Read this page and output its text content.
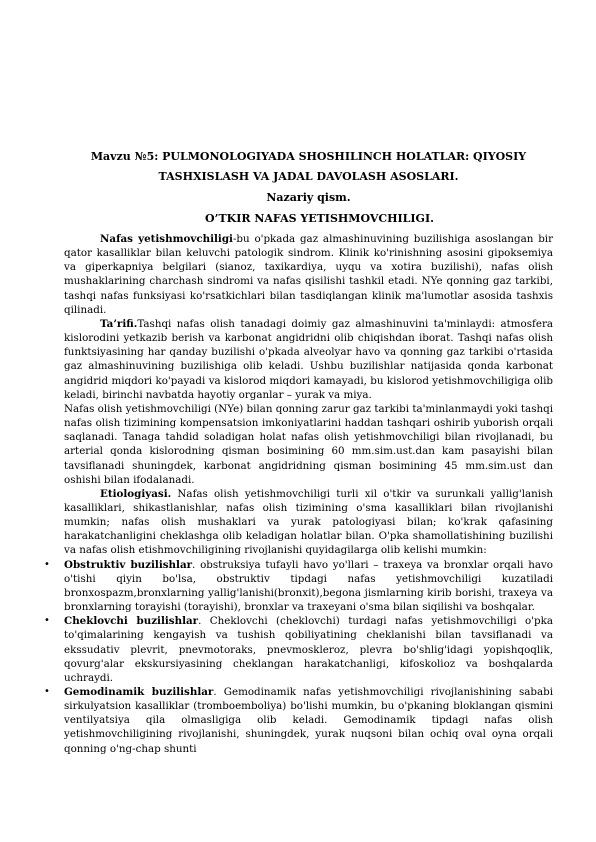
Mavzu №5: PULMONOLOGIYADA SHOSHILINCH HOLATLAR: QIYOSIY
TASHXISLASH VA JADAL DAVOLASH ASOSLARI.
Nazariy qism.
O’TKIR NAFAS YETISHMOVCHILIGI.

Nafas yetishmovchiligi-bu o'pkada gaz almashinuvining buzilishiga asoslangan bir qator kasalliklar bilan keluvchi patologik sindrom. Klinik ko'rinishning asosini gipoksemiya va giperkapniya belgilari (sianoz, taxikardiya, uyqu va xotira buzilishi), nafas olish mushaklarining charchash sindromi va nafas qisilishi tashkil etadi. NYe qonning gaz tarkibi, tashqi nafas funksiyasi ko'rsatkichlari bilan tasdiqlangan klinik ma'lumotlar asosida tashxis qilinadi.

Ta’rifi.Tashqi nafas olish tanadagi doimiy gaz almashinuvini ta'minlaydi: atmosfera kislorodini yetkazib berish va karbonat angidridni olib chiqishdan iborat. Tashqi nafas olish funktsiyasining har qanday buzilishi o'pkada alveolyar havo va qonning gaz tarkibi o'rtasida gaz almashinuvining buzilishiga olib keladi. Ushbu buzilishlar natijasida qonda karbonat angidrid miqdori ko'payadi va kislorod miqdori kamayadi, bu kislorod yetishmovchiligiga olib keladi, birinchi navbatda hayotiy organlar – yurak va miya.

Nafas olish yetishmovchiligi (NYe) bilan qonning zarur gaz tarkibi ta'minlanmaydi yoki tashqi nafas olish tizimining kompensatsion imkoniyatlarini haddan tashqari oshirib yuborish orqali saqlanadi. Tanaga tahdid soladigan holat nafas olish yetishmovchiligi bilan rivojlanadi, bu arterial qonda kislorodning qisman bosimining 60 mm.sim.ust.dan kam pasayishi bilan tavsiflanadi shuningdek, karbonat angidridning qisman bosimining 45 mm.sim.ust dan oshishi bilan ifodalanadi.

Etiologiyasi. Nafas olish yetishmovchiligi turli xil o'tkir va surunkali yallig'lanish kasalliklari, shikastlanishlar, nafas olish tizimining o'sma kasalliklari bilan rivojlanishi mumkin; nafas olish mushaklari va yurak patologiyasi bilan; ko'krak qafasining harakatchanligini cheklashga olib keladigan holatlar bilan. O'pka shamollatishining buzilishi va nafas olish etishmovchiligining rivojlanishi quyidagilarga olib kelishi mumkin:

• Obstruktiv buzilishlar. obstruksiya tufayli havo yo'llari – traxeya va bronxlar orqali havo o'tishi qiyin bo'lsa, obstruktiv tipdagi nafas yetishmovchiligi kuzatiladi bronxospazm,bronxlarning yallig'lanishi(bronxit),begona jismlarning kirib borishi, traxeya va bronxlarning torayishi (torayishi), bronxlar va traxeyani o'sma bilan siqilishi va boshqalar.
• Cheklovchi buzilishlar. Cheklovchi (cheklovchi) turdagi nafas yetishmovchiligi o'pka to'qimalarining kengayish va tushish qobiliyatining cheklanishi bilan tavsiflanadi va ekssudativ plevrit, pnevmotoraks, pnevmoskleroz, plevra bo'shlig'idagi yopishqoqlik, qovurg'alar ekskursiyasining cheklangan harakatchanligi, kifoskolioz va boshqalarda uchraydi.
• Gemodinamik buzilishlar. Gemodinamik nafas yetishmovchiligi rivojlanishining sababi sirkulyatsion kasalliklar (tromboemboliya) bo'lishi mumkin, bu o'pkaning bloklangan qismini ventilyatsiya qila olmasligiga olib keladi. Gemodinamik tipdagi nafas olish yetishmovchiligining rivojlanishi, shuningdek, yurak nuqsoni bilan ochiq oval oyna orqali qonning o'ng-chap shunti
